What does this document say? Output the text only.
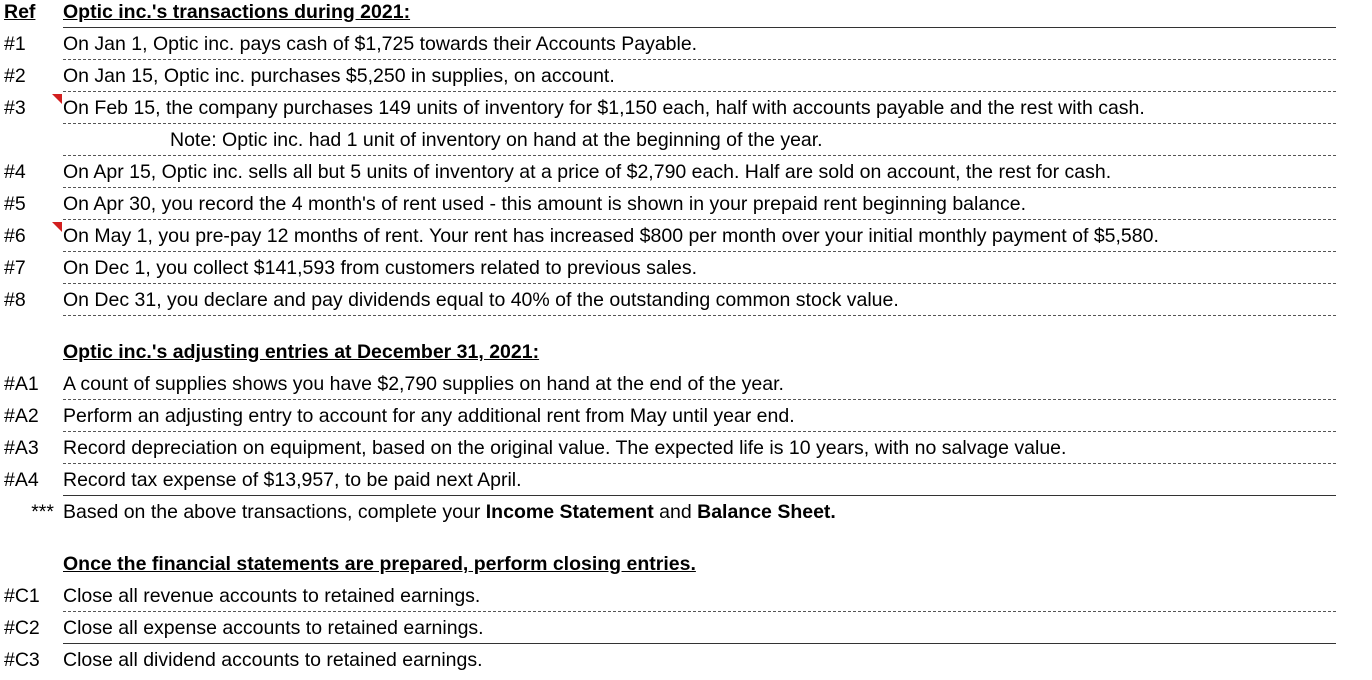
Ref	Optic inc.'s transactions during 2021:
#1	On Jan 1, Optic inc. pays cash of $1,725 towards their Accounts Payable.
#2	On Jan 15, Optic inc. purchases $5,250 in supplies, on account.
#3	On Feb 15, the company purchases 149 units of inventory for $1,150 each, half with accounts payable and the rest with cash.
Note: Optic inc. had 1 unit of inventory on hand at the beginning of the year.
#4	On Apr 15, Optic inc. sells all but 5 units of inventory at a price of $2,790 each. Half are sold on account, the rest for cash.
#5	On Apr 30, you record the 4 month's of rent used - this amount is shown in your prepaid rent beginning balance.
#6	On May 1, you pre-pay 12 months of rent. Your rent has increased $800 per month over your initial monthly payment of $5,580.
#7	On Dec 1, you collect $141,593 from customers related to previous sales.
#8	On Dec 31, you declare and pay dividends equal to 40% of the outstanding common stock value.
Optic inc.'s adjusting entries at December 31, 2021:
#A1	A count of supplies shows you have $2,790 supplies on hand at the end of the year.
#A2	Perform an adjusting entry to account for any additional rent from May until year end.
#A3	Record depreciation on equipment, based on the original value. The expected life is 10 years, with no salvage value.
#A4	Record tax expense of $13,957, to be paid next April.
*** Based on the above transactions, complete your Income Statement and Balance Sheet.
Once the financial statements are prepared, perform closing entries.
#C1	Close all revenue accounts to retained earnings.
#C2	Close all expense accounts to retained earnings.
#C3	Close all dividend accounts to retained earnings.
